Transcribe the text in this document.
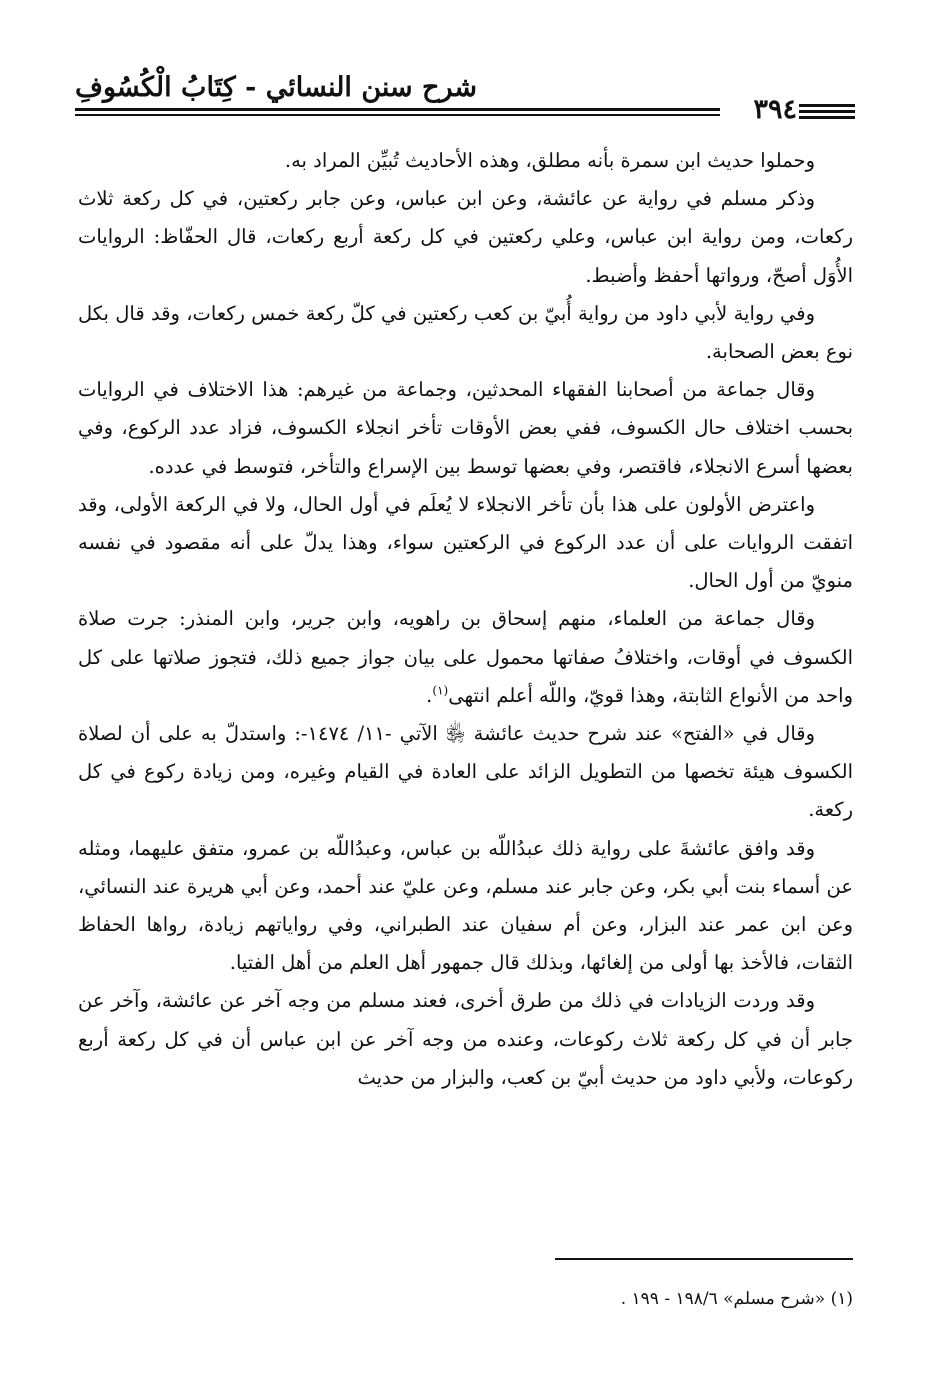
شرح سنن النسائي - كِتَابُ الْكُسُوفِ
٣٩٤

وحملوا حديث ابن سمرة بأنه مطلق، وهذه الأحاديث تُبيِّن المراد به.

وذكر مسلم في رواية عن عائشة، وعن ابن عباس، وعن جابر ركعتين، في كل ركعة ثلاث ركعات، ومن رواية ابن عباس، وعلي ركعتين في كل ركعة أربع ركعات، قال الحفّاظ: الروايات الأُوَل أصحّ، ورواتها أحفظ وأضبط.

وفي رواية لأبي داود من رواية أُبيّ بن كعب ركعتين في كلّ ركعة خمس ركعات، وقد قال بكل نوع بعض الصحابة.

وقال جماعة من أصحابنا الفقهاء المحدثين، وجماعة من غيرهم: هذا الاختلاف في الروايات بحسب اختلاف حال الكسوف، ففي بعض الأوقات تأخر انجلاء الكسوف، فزاد عدد الركوع، وفي بعضها أسرع الانجلاء، فاقتصر، وفي بعضها توسط بين الإسراع والتأخر، فتوسط في عدده.

واعترض الأولون على هذا بأن تأخر الانجلاء لا يُعلَم في أول الحال، ولا في الركعة الأولى، وقد اتفقت الروايات على أن عدد الركوع في الركعتين سواء، وهذا يدلّ على أنه مقصود في نفسه منويّ من أول الحال.

وقال جماعة من العلماء، منهم إسحاق بن راهويه، وابن جرير، وابن المنذر: جرت صلاة الكسوف في أوقات، واختلافُ صفاتها محمول على بيان جواز جميع ذلك، فتجوز صلاتها على كل واحد من الأنواع الثابتة، وهذا قويّ، واللّه أعلم انتهى$^{(١)}$.

وقال في «الفتح» عند شرح حديث عائشة ﵂ الآتي -١١/ ١٤٧٤-: واستدلّ به على أن لصلاة الكسوف هيئة تخصها من التطويل الزائد على العادة في القيام وغيره، ومن زيادة ركوع في كل ركعة.

وقد وافق عائشةَ على رواية ذلك عبدُاللّه بن عباس، وعبدُاللّه بن عمرو، متفق عليهما، ومثله عن أسماء بنت أبي بكر، وعن جابر عند مسلم، وعن عليّ عند أحمد، وعن أبي هريرة عند النسائي، وعن ابن عمر عند البزار، وعن أم سفيان عند الطبراني، وفي رواياتهم زيادة، رواها الحفاظ الثقات، فالأخذ بها أولى من إلغائها، وبذلك قال جمهور أهل العلم من أهل الفتيا.

وقد وردت الزيادات في ذلك من طرق أخرى، فعند مسلم من وجه آخر عن عائشة، وآخر عن جابر أن في كل ركعة ثلاث ركوعات، وعنده من وجه آخر عن ابن عباس أن في كل ركعة أربع ركوعات، ولأبي داود من حديث أبيّ بن كعب، والبزار من حديث

(١) «شرح مسلم» ١٩٨/٦ - ١٩٩ .
